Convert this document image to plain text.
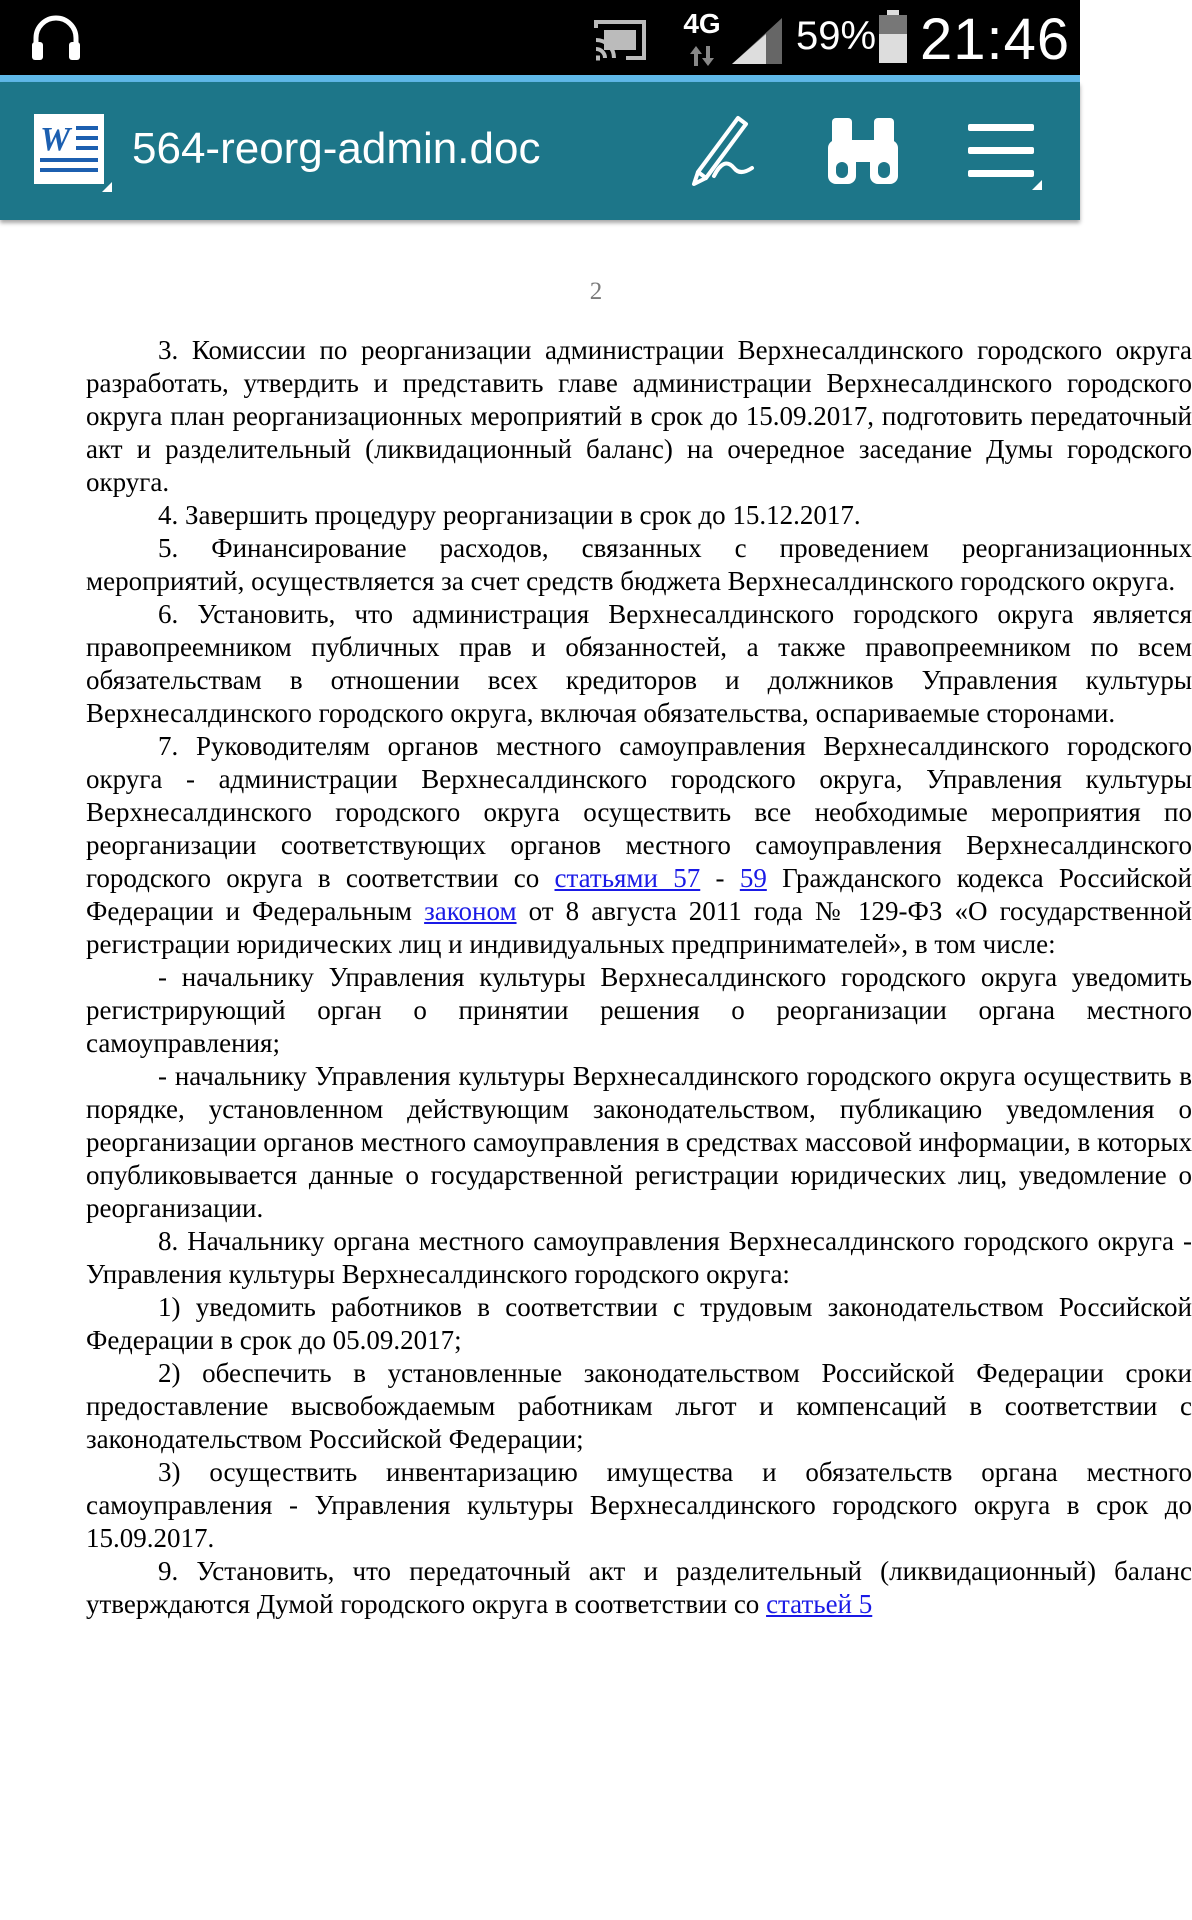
4G 59% 21:46
W 564-reorg-admin.doc
2

3. Комиссии по реорганизации администрации Верхнесалдинского городского округа разработать, утвердить и представить главе администрации Верхнесалдинского городского округа план реорганизационных мероприятий в срок до 15.09.2017, подготовить передаточный акт и разделительный (ликвидационный баланс) на очередное заседание Думы городского округа.

4. Завершить процедуру реорганизации в срок до 15.12.2017.

5. Финансирование расходов, связанных с проведением реорганизационных мероприятий, осуществляется за счет средств бюджета Верхнесалдинского городского округа.

6. Установить, что администрация Верхнесалдинского городского округа является правопреемником публичных прав и обязанностей, а также правопреемником по всем обязательствам в отношении всех кредиторов и должников Управления культуры Верхнесалдинского городского округа, включая обязательства, оспариваемые сторонами.

7. Руководителям органов местного самоуправления Верхнесалдинского городского округа - администрации Верхнесалдинского городского округа, Управления культуры Верхнесалдинского городского округа осуществить все необходимые мероприятия по реорганизации соответствующих органов местного самоуправления Верхнесалдинского городского округа в соответствии со статьями 57 - 59 Гражданского кодекса Российской Федерации и Федеральным законом от 8 августа 2011 года № 129-ФЗ «О государственной регистрации юридических лиц и индивидуальных предпринимателей», в том числе:

- начальнику Управления культуры Верхнесалдинского городского округа уведомить регистрирующий орган о принятии решения о реорганизации органа местного самоуправления;

- начальнику Управления культуры Верхнесалдинского городского округа осуществить в порядке, установленном действующим законодательством, публикацию уведомления о реорганизации органов местного самоуправления в средствах массовой информации, в которых опубликовывается данные о государственной регистрации юридических лиц, уведомление о реорганизации.

8. Начальнику органа местного самоуправления Верхнесалдинского городского округа - Управления культуры Верхнесалдинского городского округа:

1) уведомить работников в соответствии с трудовым законодательством Российской Федерации в срок до 05.09.2017;

2) обеспечить в установленные законодательством Российской Федерации сроки предоставление высвобождаемым работникам льгот и компенсаций в соответствии с законодательством Российской Федерации;

3) осуществить инвентаризацию имущества и обязательств органа местного самоуправления - Управления культуры Верхнесалдинского городского округа в срок до 15.09.2017.

9. Установить, что передаточный акт и разделительный (ликвидационный) баланс утверждаются Думой городского округа в соответствии со статьей 5
